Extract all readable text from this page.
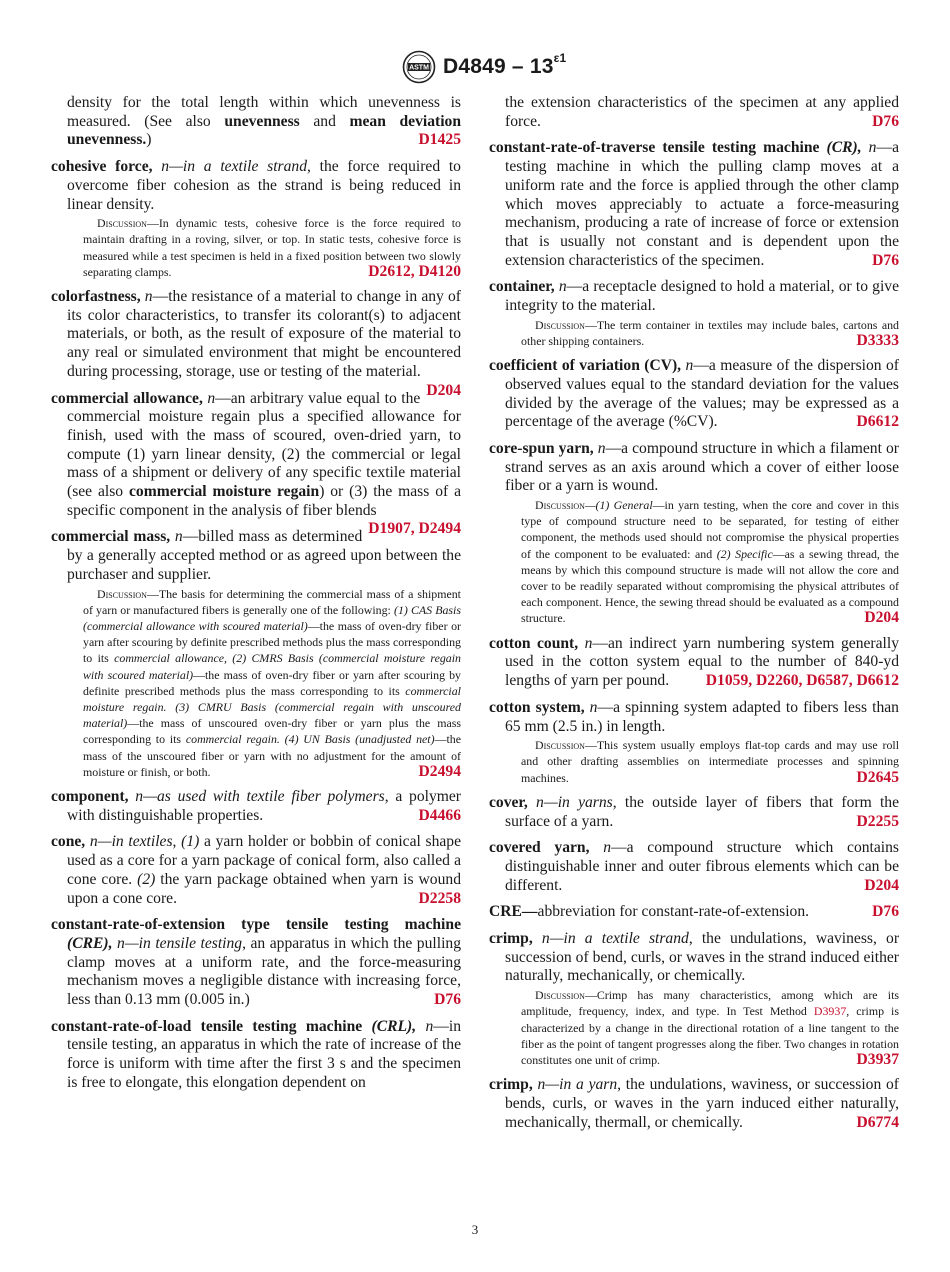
ASTM $D4849 - 13^{\varepsilon 1}$
density for the total length within which unevenness is measured. (See also unevenness and mean deviation unevenness.)	D1425
cohesive force, n—in a textile strand, the force required to overcome fiber cohesion as the strand is being reduced in linear density.
Discussion—In dynamic tests, cohesive force is the force required to maintain drafting in a roving, silver, or top. In static tests, cohesive force is measured while a test specimen is held in a fixed position between two slowly separating clamps.	D2612, D4120
colorfastness, n—the resistance of a material to change in any of its color characteristics, to transfer its colorant(s) to adjacent materials, or both, as the result of exposure of the material to any real or simulated environment that might be encountered during processing, storage, use or testing of the material.
D204
commercial allowance, n—an arbitrary value equal to the commercial moisture regain plus a specified allowance for finish, used with the mass of scoured, oven-dried yarn, to compute (1) yarn linear density, (2) the commercial or legal mass of a shipment or delivery of any specific textile material (see also commercial moisture regain) or (3) the mass of a specific component in the analysis of fiber blends
D1907, D2494
commercial mass, n—billed mass as determined by a generally accepted method or as agreed upon between the purchaser and supplier.
Discussion—The basis for determining the commercial mass of a shipment of yarn or manufactured fibers is generally one of the following: (1) CAS Basis (commercial allowance with scoured material)—the mass of oven-dry fiber or yarn after scouring by definite prescribed methods plus the mass corresponding to its commercial allowance, (2) CMRS Basis (commercial moisture regain with scoured material)—the mass of oven-dry fiber or yarn after scouring by definite prescribed methods plus the mass corresponding to its commercial moisture regain. (3) CMRU Basis (commercial regain with unscoured material)—the mass of unscoured oven-dry fiber or yarn plus the mass corresponding to its commercial regain. (4) UN Basis (unadjusted net)—the mass of the unscoured fiber or yarn with no adjustment for the amount of moisture or finish, or both.	D2494
component, n—as used with textile fiber polymers, a polymer with distinguishable properties.	D4466
cone, n—in textiles, (1) a yarn holder or bobbin of conical shape used as a core for a yarn package of conical form, also called a cone core. (2) the yarn package obtained when yarn is wound upon a cone core.	D2258
constant-rate-of-extension type tensile testing machine (CRE), n—in tensile testing, an apparatus in which the pulling clamp moves at a uniform rate, and the force-measuring mechanism moves a negligible distance with increasing force, less than 0.13 mm (0.005 in.)	D76
constant-rate-of-load tensile testing machine (CRL), n—in tensile testing, an apparatus in which the rate of increase of the force is uniform with time after the first 3 s and the specimen is free to elongate, this elongation dependent on
the extension characteristics of the specimen at any applied force.	D76
constant-rate-of-traverse tensile testing machine (CR), n—a testing machine in which the pulling clamp moves at a uniform rate and the force is applied through the other clamp which moves appreciably to actuate a force-measuring mechanism, producing a rate of increase of force or extension that is usually not constant and is dependent upon the extension characteristics of the specimen.	D76
container, n—a receptacle designed to hold a material, or to give integrity to the material.
Discussion—The term container in textiles may include bales, cartons and other shipping containers.	D3333
coefficient of variation (CV), n—a measure of the dispersion of observed values equal to the standard deviation for the values divided by the average of the values; may be expressed as a percentage of the average (%CV).	D6612
core-spun yarn, n—a compound structure in which a filament or strand serves as an axis around which a cover of either loose fiber or a yarn is wound.
Discussion—(1) General—in yarn testing, when the core and cover in this type of compound structure need to be separated, for testing of either component, the methods used should not compromise the physical properties of the component to be evaluated: and (2) Specific—as a sewing thread, the means by which this compound structure is made will not allow the core and cover to be readily separated without compromising the physical attributes of each component. Hence, the sewing thread should be evaluated as a compound structure.	D204
cotton count, n—an indirect yarn numbering system generally used in the cotton system equal to the number of 840-yd lengths of yarn per pound. D1059, D2260, D6587, D6612
cotton system, n—a spinning system adapted to fibers less than 65 mm (2.5 in.) in length.
Discussion—This system usually employs flat-top cards and may use roll and other drafting assemblies on intermediate processes and spinning machines.	D2645
cover, n—in yarns, the outside layer of fibers that form the surface of a yarn.	D2255
covered yarn, n—a compound structure which contains distinguishable inner and outer fibrous elements which can be different.	D204
CRE—abbreviation for constant-rate-of-extension.	D76
crimp, n—in a textile strand, the undulations, waviness, or succession of bend, curls, or waves in the strand induced either naturally, mechanically, or chemically.
Discussion—Crimp has many characteristics, among which are its amplitude, frequency, index, and type. In Test Method D3937, crimp is characterized by a change in the directional rotation of a line tangent to the fiber as the point of tangent progresses along the fiber. Two changes in rotation constitutes one unit of crimp.	D3937
crimp, n—in a yarn, the undulations, waviness, or succession of bends, curls, or waves in the yarn induced either naturally, mechanically, thermall, or chemically.	D6774
3
